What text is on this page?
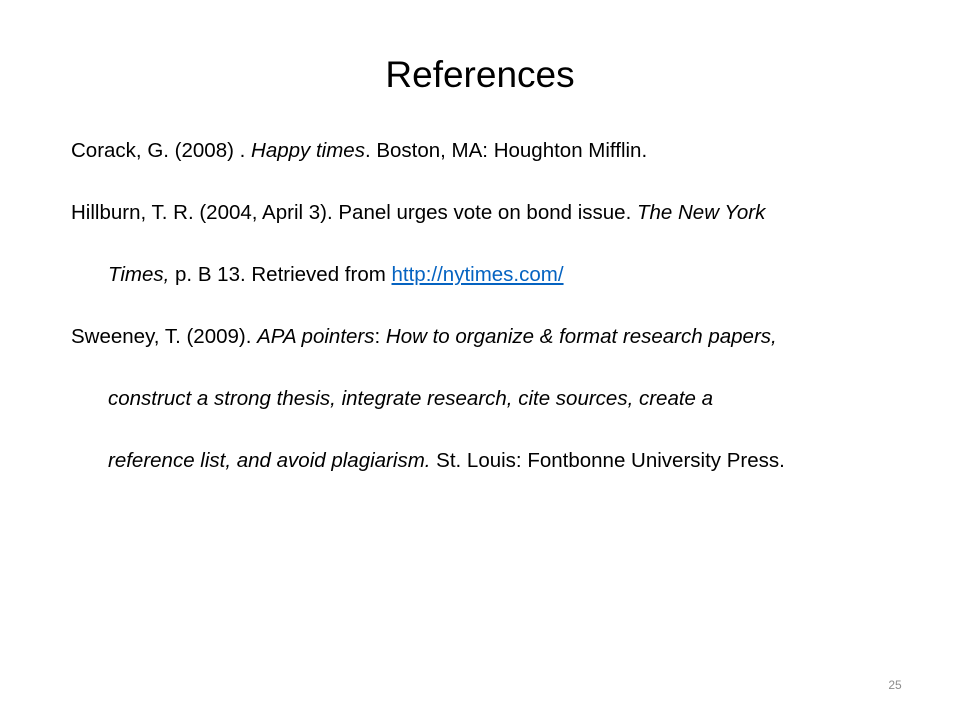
References
Corack, G. (2008) . Happy times. Boston, MA: Houghton Mifflin.
Hillburn, T. R. (2004, April 3). Panel urges vote on bond issue. The New York
Times, p. B 13. Retrieved from http://nytimes.com/
Sweeney, T. (2009). APA pointers: How to organize & format research papers,
construct a strong thesis, integrate research, cite sources, create a
reference list, and avoid plagiarism. St. Louis: Fontbonne University Press.
25
